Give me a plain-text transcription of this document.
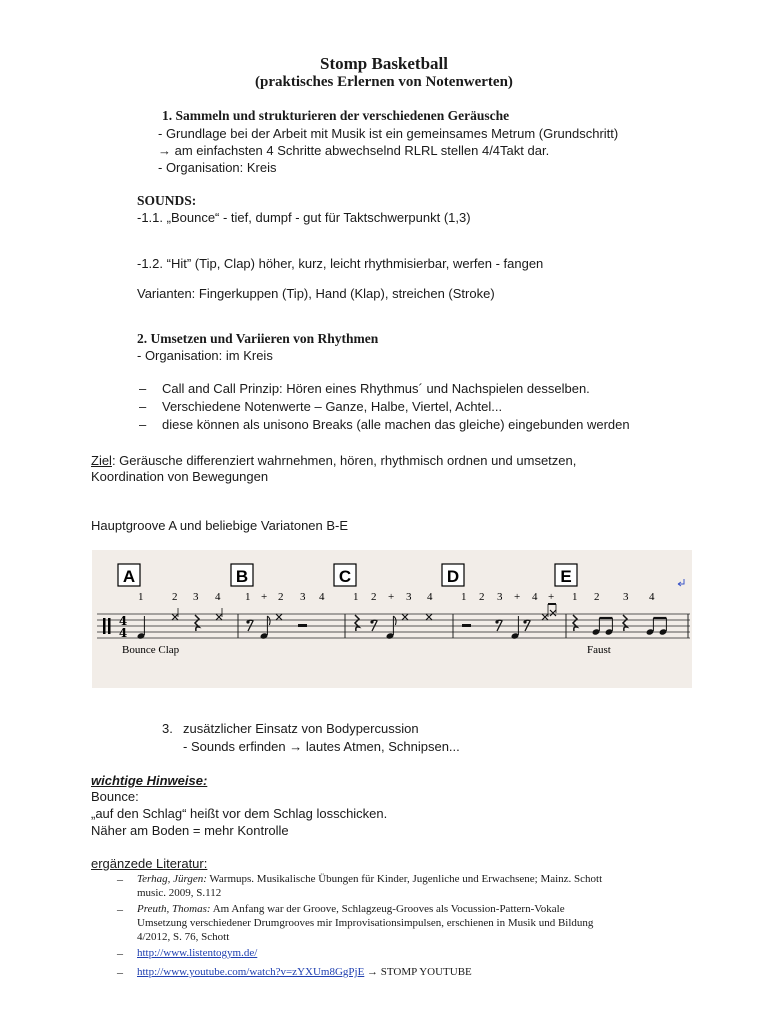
Stomp Basketball
(praktisches Erlernen von Notenwerten)
1. Sammeln und strukturieren der verschiedenen Geräusche
- Grundlage bei der Arbeit mit Musik ist ein gemeinsames Metrum (Grundschritt)
→ am einfachsten 4 Schritte abwechselnd RLRL stellen 4/4Takt dar.
- Organisation: Kreis
SOUNDS:
-1.1. „Bounce“ - tief, dumpf - gut für Taktschwerpunkt (1,3)
-1.2. “Hit” (Tip, Clap) höher, kurz, leicht rhythmisierbar, werfen - fangen
Varianten: Fingerkuppen (Tip), Hand (Klap), streichen (Stroke)
2. Umsetzen und Variieren von Rhythmen
- Organisation: im Kreis
– Call and Call Prinzip: Hören eines Rhythmus´ und Nachspielen desselben.
– Verschiedene Notenwerte – Ganze, Halbe, Viertel, Achtel...
– diese können als unisono Breaks (alle machen das gleiche) eingebunden werden
Ziel: Geräusche differenziert wahrnehmen, hören, rhythmisch ordnen und umsetzen,
Koordination von Bewegungen
Hauptgroove A und beliebige Variatonen B-E
A	B	C	D	E
1	2 3 4 1 + 2 3 4	1 2 + 3 4	1 2 3 + 4 + 1 2 3 4
4
4
Bounce Clap	Faust
3. zusätzlicher Einsatz von Bodypercussion
- Sounds erfinden → lautes Atmen, Schnipsen...
wichtige Hinweise:
Bounce:
„auf den Schlag“ heißt vor dem Schlag losschicken.
Näher am Boden = mehr Kontrolle
ergänzede Literatur:
– Terhag, Jürgen: Warmups. Musikalische Übungen für Kinder, Jugenliche und Erwachsene; Mainz. Schott
music. 2009, S.112
– Preuth, Thomas: Am Anfang war der Groove, Schlagzeug-Grooves als Vocussion-Pattern-Vokale
Umsetzung verschiedener Drumgrooves mir Improvisationsimpulsen, erschienen in Musik und Bildung
4/2012, S. 76, Schott
– http://www.listentogym.de/
– http://www.youtube.com/watch?v=zYXUm8GgPjE → STOMP YOUTUBE
